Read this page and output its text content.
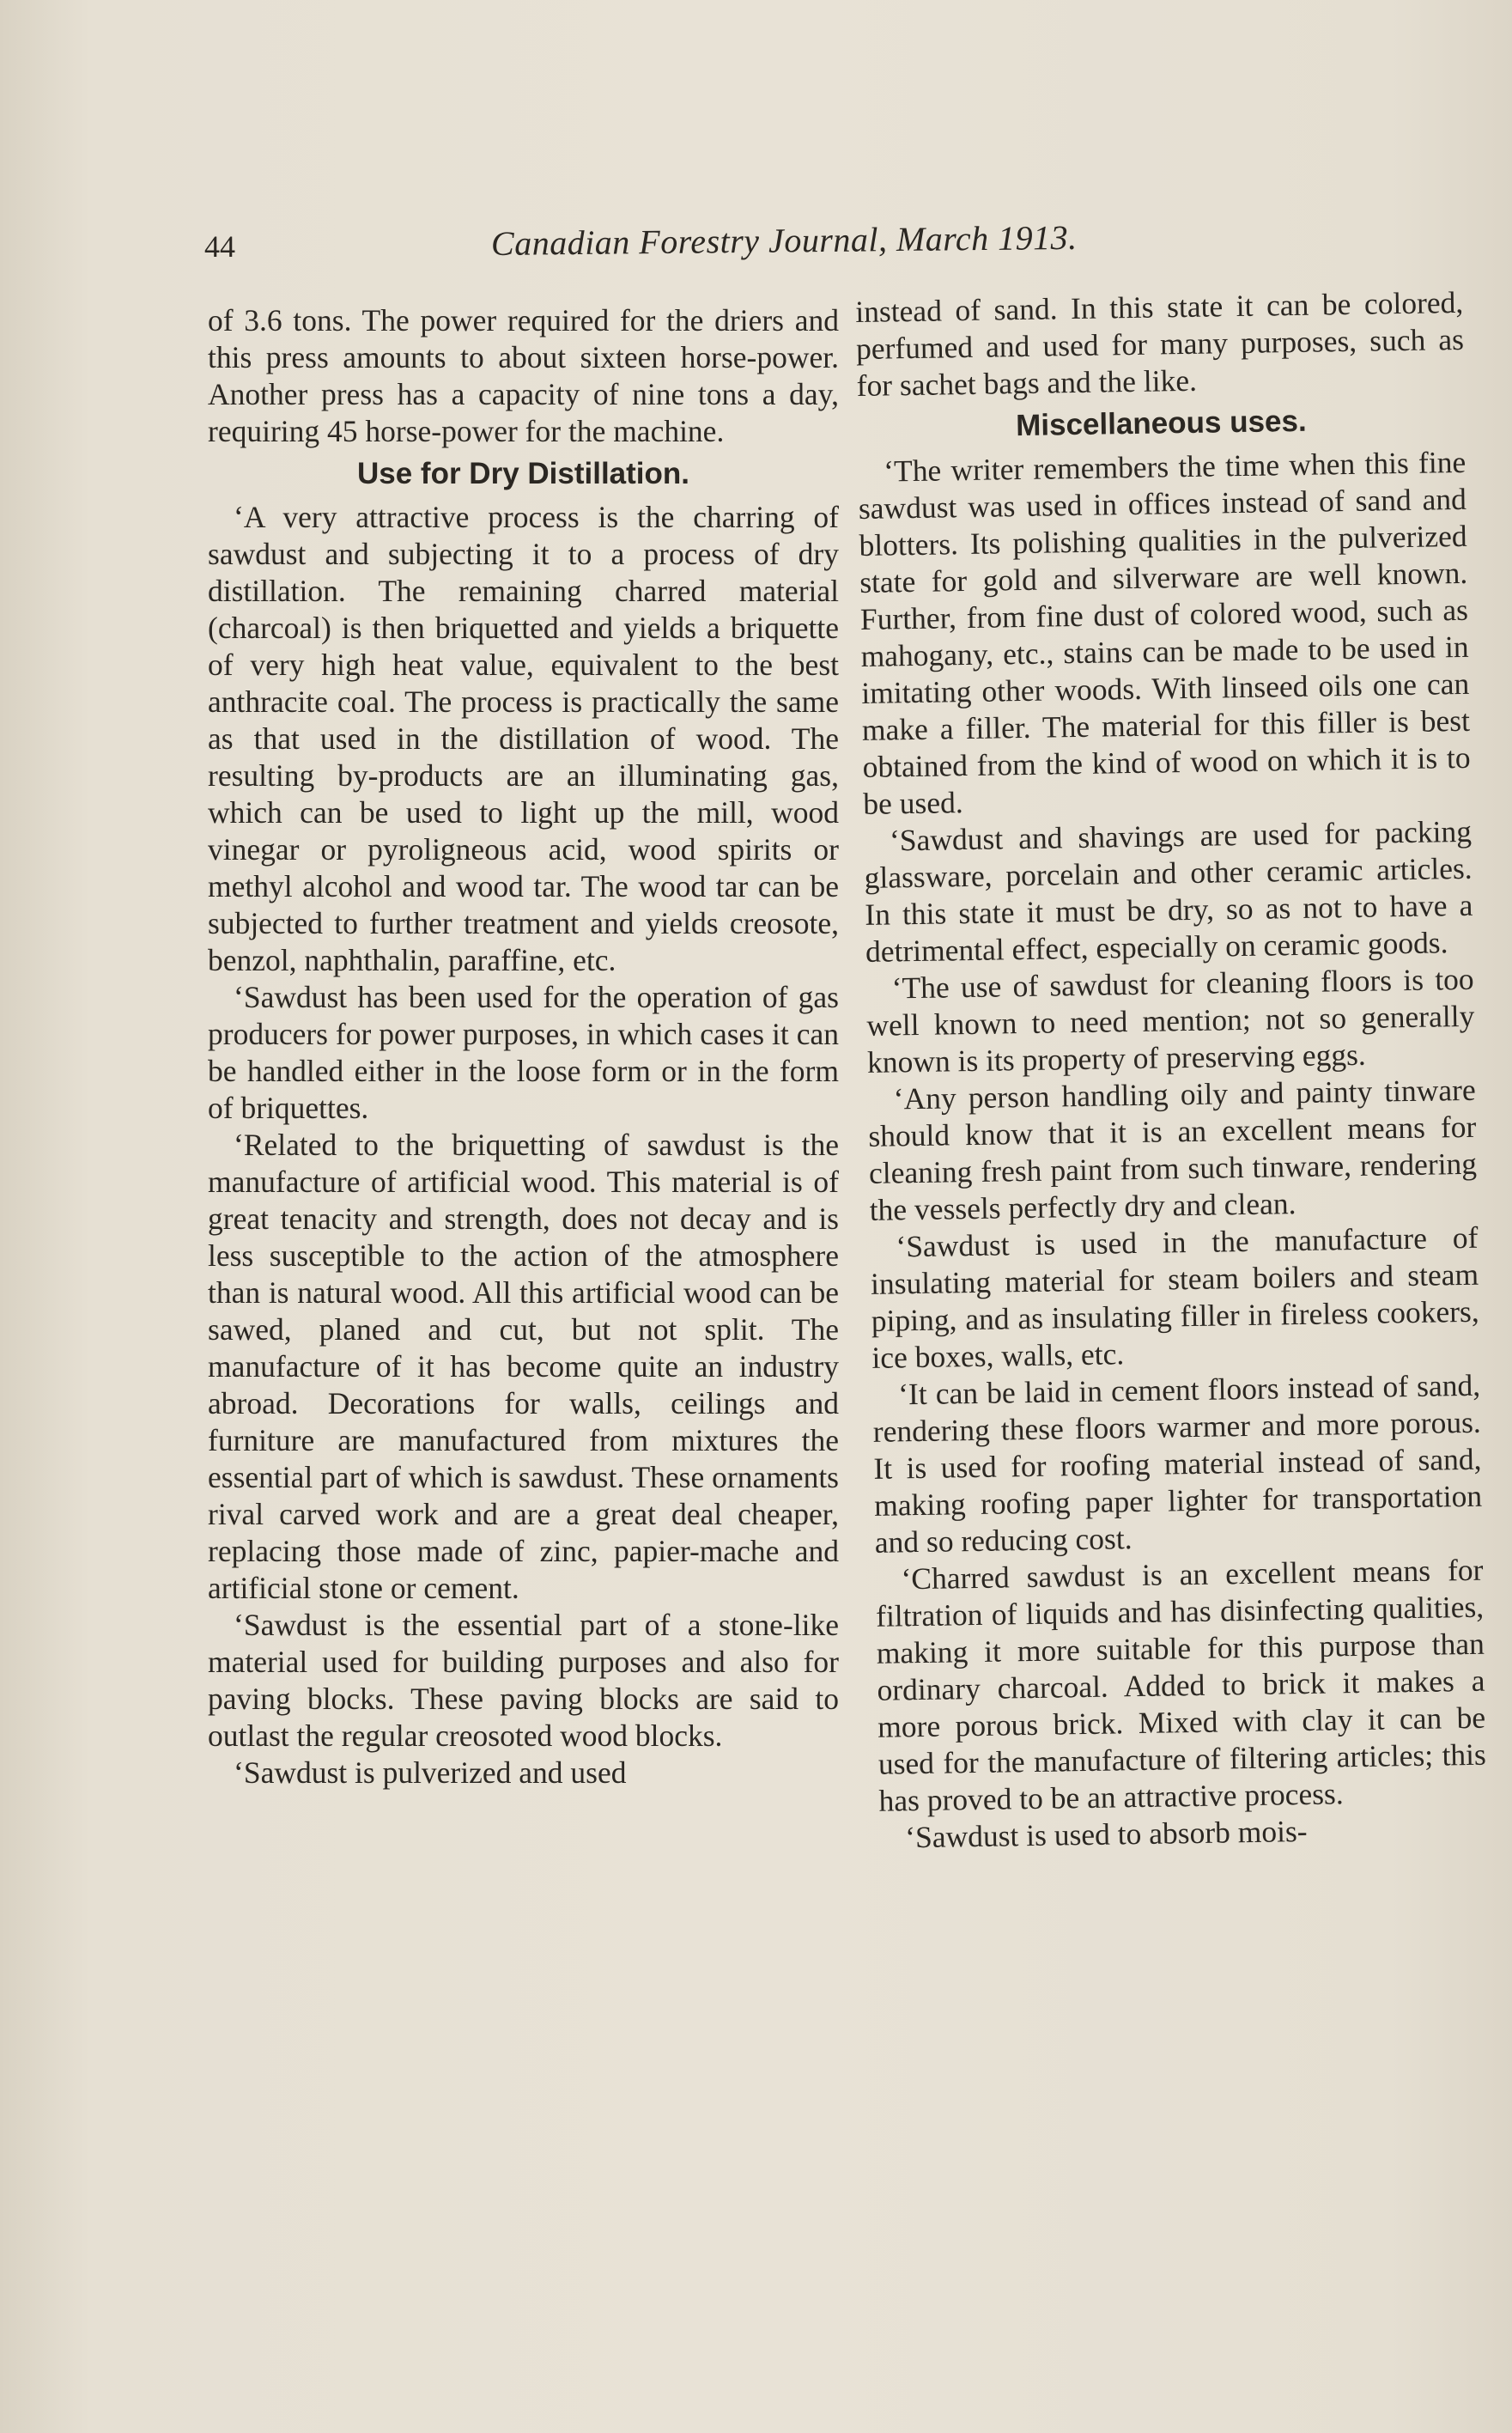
44	Canadian Forestry Journal, March 1913.

of 3.6 tons. The power required for the driers and this press amounts to about sixteen horse-power. Another press has a capacity of nine tons a day, requiring 45 horse-power for the machine.

Use for Dry Distillation.

‘A very attractive process is the charring of sawdust and subjecting it to a process of dry distillation. The remaining charred material (charcoal) is then briquetted and yields a briquette of very high heat value, equivalent to the best anthracite coal. The process is practically the same as that used in the distillation of wood. The resulting by-products are an illuminating gas, which can be used to light up the mill, wood vinegar or pyroligneous acid, wood spirits or methyl alcohol and wood tar. The wood tar can be subjected to further treatment and yields creosote, benzol, naphthalin, paraffine, etc.

‘Sawdust has been used for the operation of gas producers for power purposes, in which cases it can be handled either in the loose form or in the form of briquettes.

‘Related to the briquetting of sawdust is the manufacture of artificial wood. This material is of great tenacity and strength, does not decay and is less susceptible to the action of the atmosphere than is natural wood. All this artificial wood can be sawed, planed and cut, but not split. The manufacture of it has become quite an industry abroad. Decorations for walls, ceilings and furniture are manufactured from mixtures the essential part of which is sawdust. These ornaments rival carved work and are a great deal cheaper, replacing those made of zinc, papier-mache and artificial stone or cement.

‘Sawdust is the essential part of a stone-like material used for building purposes and also for paving blocks. These paving blocks are said to outlast the regular creosoted wood blocks.

‘Sawdust is pulverized and used

instead of sand. In this state it can be colored, perfumed and used for many purposes, such as for sachet bags and the like.

Miscellaneous uses.

‘The writer remembers the time when this fine sawdust was used in offices instead of sand and blotters. Its polishing qualities in the pulverized state for gold and silverware are well known. Further, from fine dust of colored wood, such as mahogany, etc., stains can be made to be used in imitating other woods. With linseed oils one can make a filler. The material for this filler is best obtained from the kind of wood on which it is to be used.

‘Sawdust and shavings are used for packing glassware, porcelain and other ceramic articles. In this state it must be dry, so as not to have a detrimental effect, especially on ceramic goods.

‘The use of sawdust for cleaning floors is too well known to need mention; not so generally known is its property of preserving eggs.

‘Any person handling oily and painty tinware should know that it is an excellent means for cleaning fresh paint from such tinware, rendering the vessels perfectly dry and clean.

‘Sawdust is used in the manufacture of insulating material for steam boilers and steam piping, and as insulating filler in fireless cookers, ice boxes, walls, etc.

‘It can be laid in cement floors instead of sand, rendering these floors warmer and more porous. It is used for roofing material instead of sand, making roofing paper lighter for transportation and so reducing cost.

‘Charred sawdust is an excellent means for filtration of liquids and has disinfecting qualities, making it more suitable for this purpose than ordinary charcoal. Added to brick it makes a more porous brick. Mixed with clay it can be used for the manufacture of filtering articles; this has proved to be an attractive process.

‘Sawdust is used to absorb mois-
